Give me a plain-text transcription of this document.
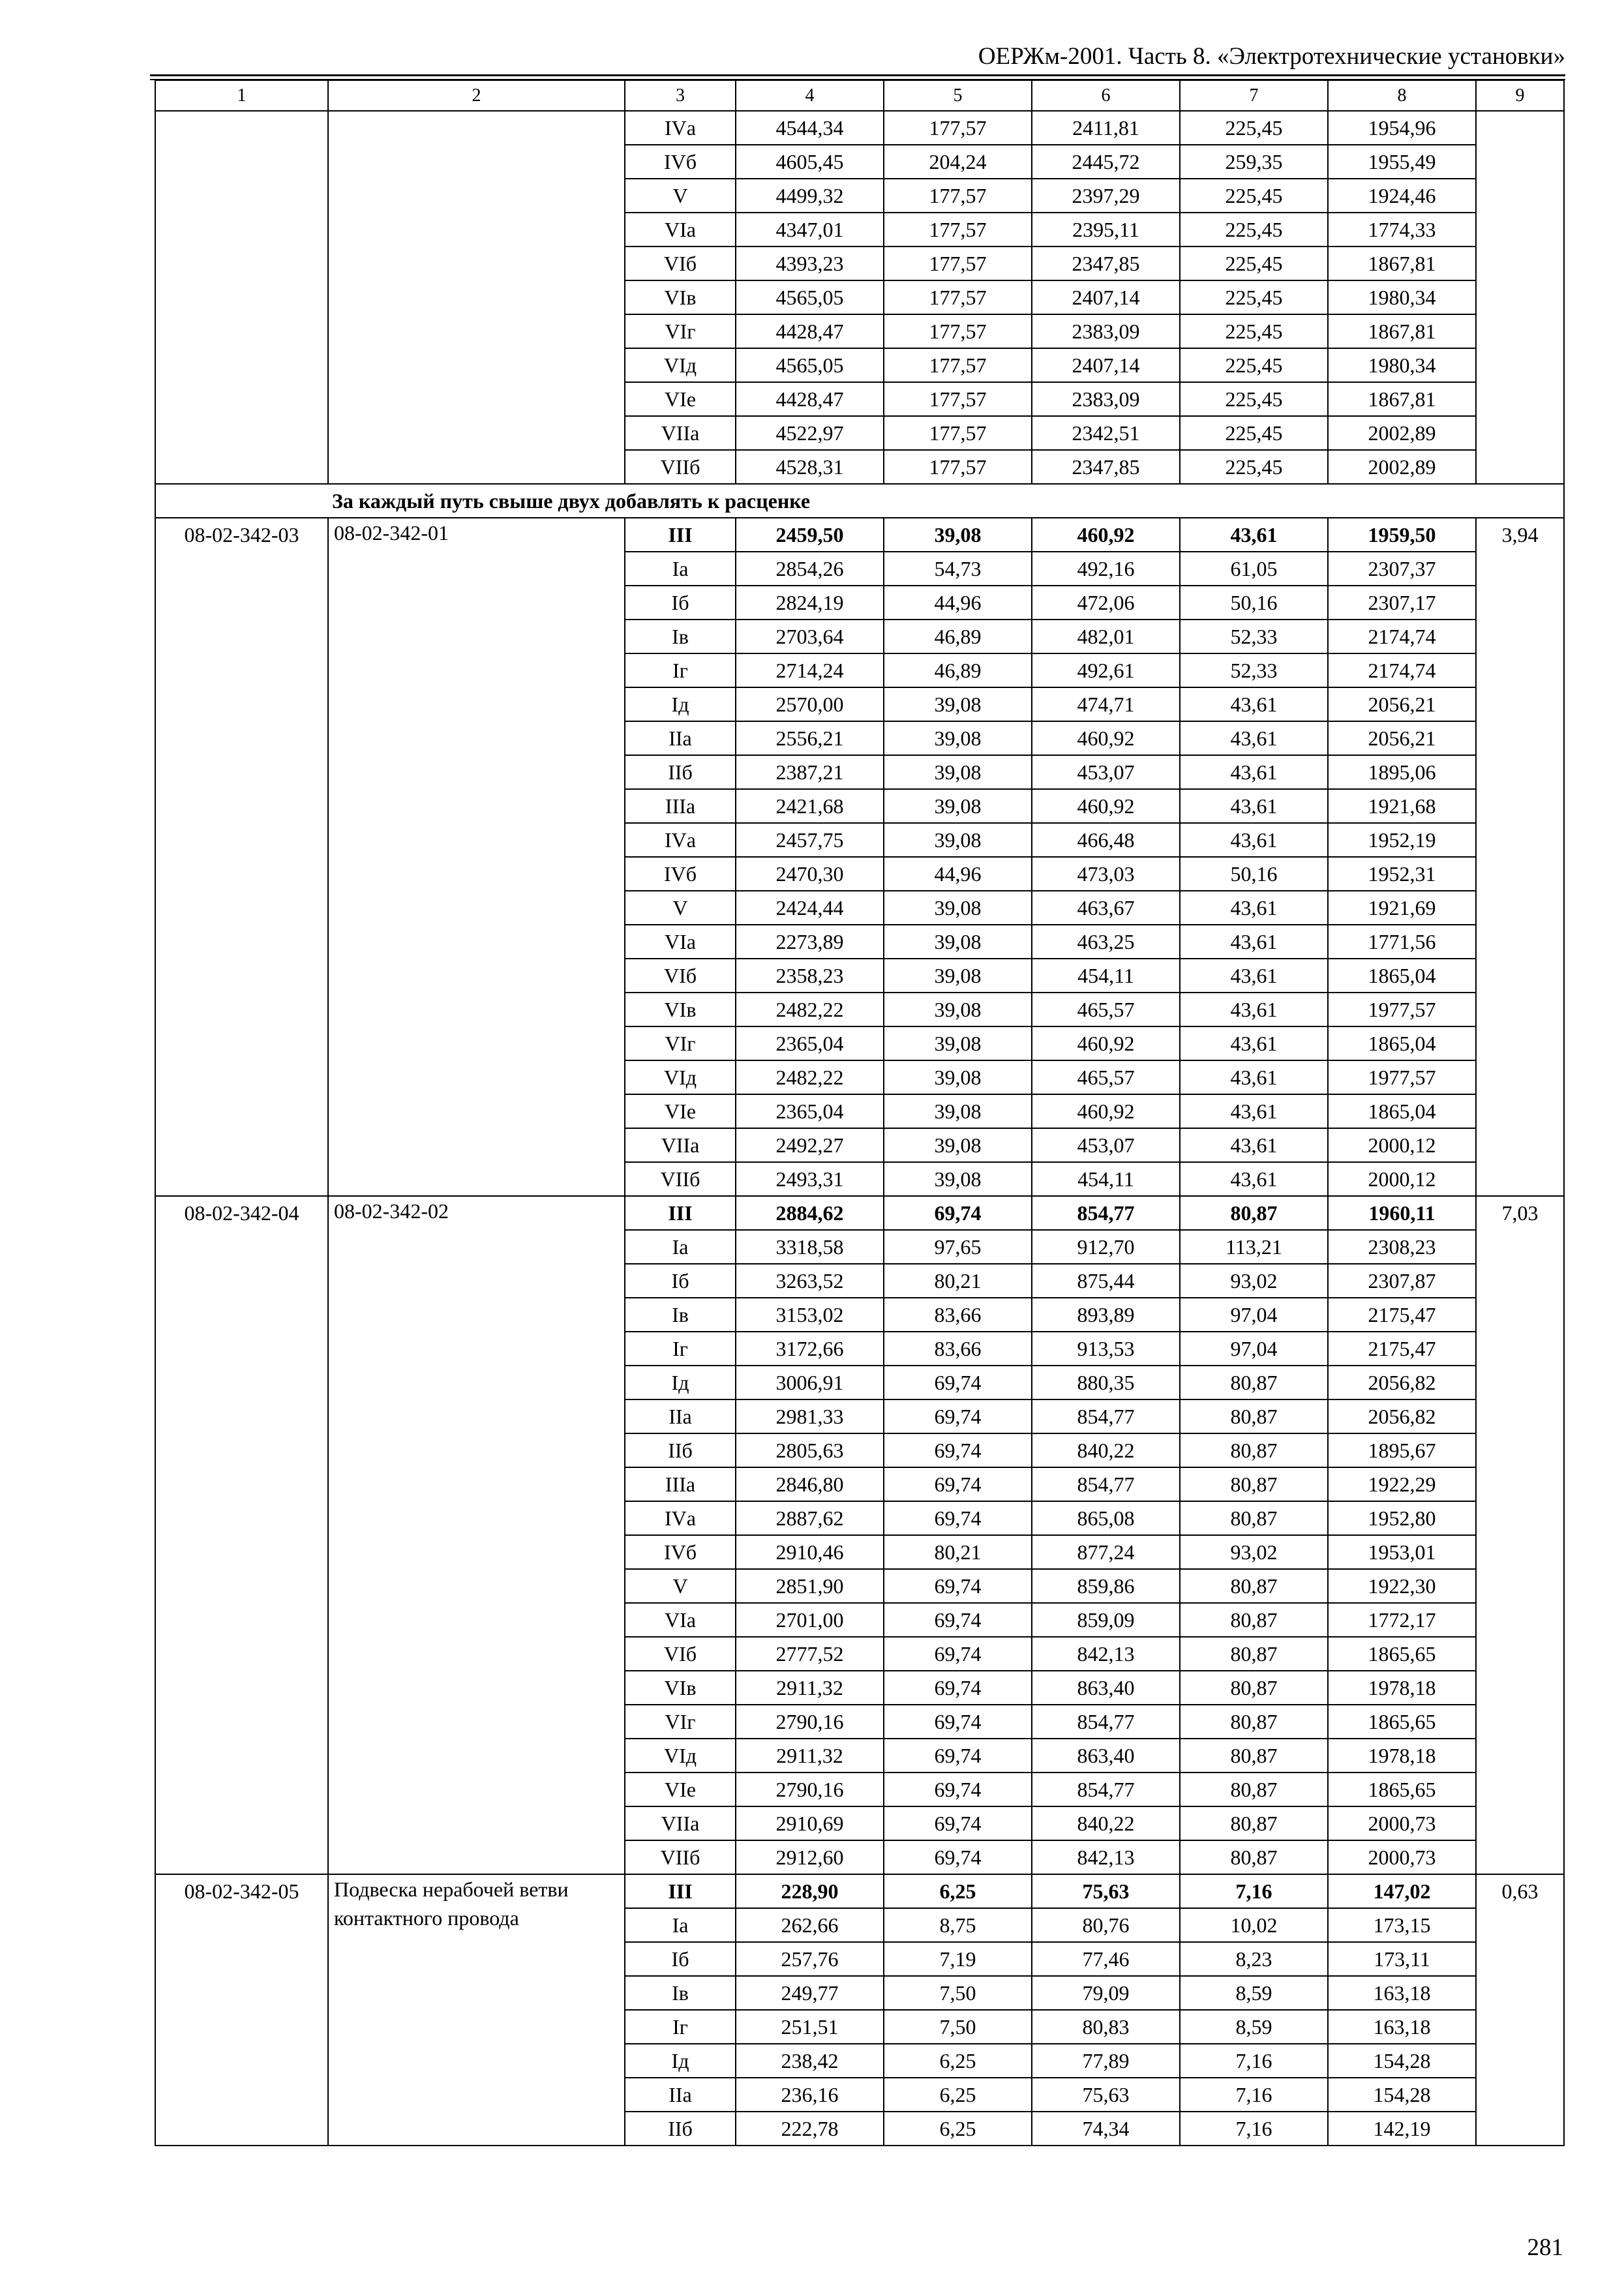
ОЕРЖм-2001. Часть 8. «Электротехнические установки»
1	2	3	4	5	6	7	8	9
		IVа	4544,34	177,57	2411,81	225,45	1954,96	
		IVб	4605,45	204,24	2445,72	259,35	1955,49	
		V	4499,32	177,57	2397,29	225,45	1924,46	
		VIа	4347,01	177,57	2395,11	225,45	1774,33	
		VIб	4393,23	177,57	2347,85	225,45	1867,81	
		VIв	4565,05	177,57	2407,14	225,45	1980,34	
		VIг	4428,47	177,57	2383,09	225,45	1867,81	
		VIд	4565,05	177,57	2407,14	225,45	1980,34	
		VIе	4428,47	177,57	2383,09	225,45	1867,81	
		VIIа	4522,97	177,57	2342,51	225,45	2002,89	
		VIIб	4528,31	177,57	2347,85	225,45	2002,89	
За каждый путь свыше двух добавлять к расценке								
08-02-342-03	08-02-342-01	III	2459,50	39,08	460,92	43,61	1959,50	3,94
		Iа	2854,26	54,73	492,16	61,05	2307,37	
		Iб	2824,19	44,96	472,06	50,16	2307,17	
		Iв	2703,64	46,89	482,01	52,33	2174,74	
		Iг	2714,24	46,89	492,61	52,33	2174,74	
		Iд	2570,00	39,08	474,71	43,61	2056,21	
		IIа	2556,21	39,08	460,92	43,61	2056,21	
		IIб	2387,21	39,08	453,07	43,61	1895,06	
		IIIа	2421,68	39,08	460,92	43,61	1921,68	
		IVа	2457,75	39,08	466,48	43,61	1952,19	
		IVб	2470,30	44,96	473,03	50,16	1952,31	
		V	2424,44	39,08	463,67	43,61	1921,69	
		VIа	2273,89	39,08	463,25	43,61	1771,56	
		VIб	2358,23	39,08	454,11	43,61	1865,04	
		VIв	2482,22	39,08	465,57	43,61	1977,57	
		VIг	2365,04	39,08	460,92	43,61	1865,04	
		VIд	2482,22	39,08	465,57	43,61	1977,57	
		VIе	2365,04	39,08	460,92	43,61	1865,04	
		VIIа	2492,27	39,08	453,07	43,61	2000,12	
		VIIб	2493,31	39,08	454,11	43,61	2000,12	
08-02-342-04	08-02-342-02	III	2884,62	69,74	854,77	80,87	1960,11	7,03
		Iа	3318,58	97,65	912,70	113,21	2308,23	
		Iб	3263,52	80,21	875,44	93,02	2307,87	
		Iв	3153,02	83,66	893,89	97,04	2175,47	
		Iг	3172,66	83,66	913,53	97,04	2175,47	
		Iд	3006,91	69,74	880,35	80,87	2056,82	
		IIа	2981,33	69,74	854,77	80,87	2056,82	
		IIб	2805,63	69,74	840,22	80,87	1895,67	
		IIIа	2846,80	69,74	854,77	80,87	1922,29	
		IVа	2887,62	69,74	865,08	80,87	1952,80	
		IVб	2910,46	80,21	877,24	93,02	1953,01	
		V	2851,90	69,74	859,86	80,87	1922,30	
		VIа	2701,00	69,74	859,09	80,87	1772,17	
		VIб	2777,52	69,74	842,13	80,87	1865,65	
		VIв	2911,32	69,74	863,40	80,87	1978,18	
		VIг	2790,16	69,74	854,77	80,87	1865,65	
		VIд	2911,32	69,74	863,40	80,87	1978,18	
		VIе	2790,16	69,74	854,77	80,87	1865,65	
		VIIа	2910,69	69,74	840,22	80,87	2000,73	
		VIIб	2912,60	69,74	842,13	80,87	2000,73	
08-02-342-05	Подвеска нерабочей ветви контактного провода	III	228,90	6,25	75,63	7,16	147,02	0,63
		Iа	262,66	8,75	80,76	10,02	173,15	
		Iб	257,76	7,19	77,46	8,23	173,11	
		Iв	249,77	7,50	79,09	8,59	163,18	
		Iг	251,51	7,50	80,83	8,59	163,18	
		Iд	238,42	6,25	77,89	7,16	154,28	
		IIа	236,16	6,25	75,63	7,16	154,28	
		IIб	222,78	6,25	74,34	7,16	142,19	
281
